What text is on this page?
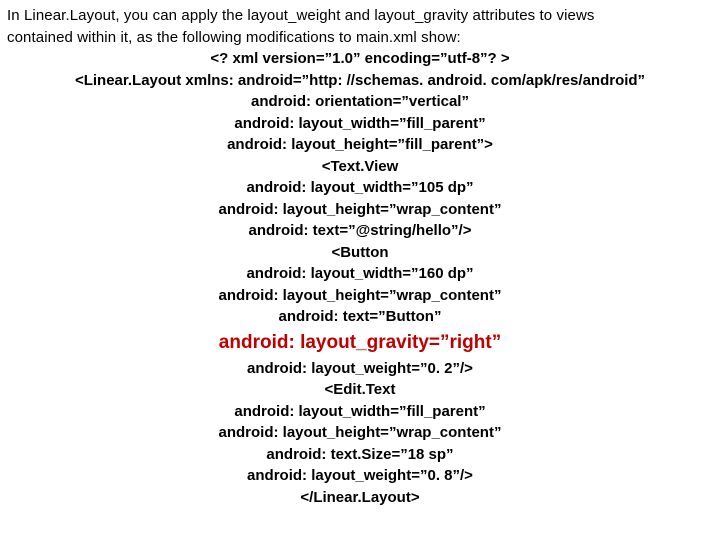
In Linear.Layout, you can apply the layout_weight and layout_gravity attributes to views
contained within it, as the following modifications to main.xml show:
<? xml version=”1.0” encoding=”utf-8”? >
<Linear.Layout xmlns: android=”http: //schemas. android. com/apk/res/android”
android: orientation=”vertical”
android: layout_width=”fill_parent”
android: layout_height=”fill_parent”>
<Text.View
android: layout_width=”105 dp”
android: layout_height=”wrap_content”
android: text=”@string/hello”/>
<Button
android: layout_width=”160 dp”
android: layout_height=”wrap_content”
android: text=”Button”
android: layout_gravity=”right”
android: layout_weight=”0. 2”/>
<Edit.Text
android: layout_width=”fill_parent”
android: layout_height=”wrap_content”
android: text.Size=”18 sp”
android: layout_weight=”0. 8”/>
</Linear.Layout>
